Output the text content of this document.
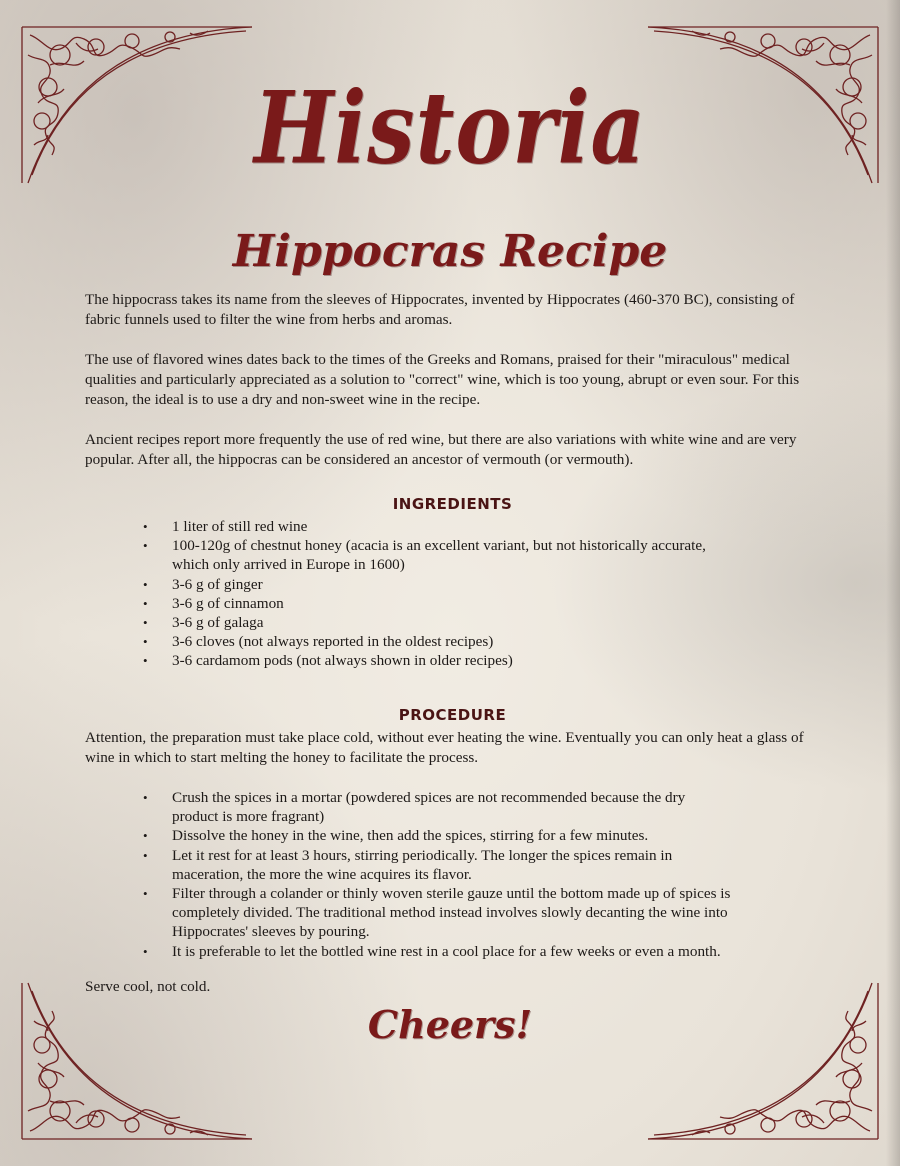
Historia
Hippocras Recipe

The hippocrass takes its name from the sleeves of Hippocrates, invented by Hippocrates (460-370 BC), consisting of fabric funnels used to filter the wine from herbs and aromas.

The use of flavored wines dates back to the times of the Greeks and Romans, praised for their "miraculous" medical qualities and particularly appreciated as a solution to "correct" wine, which is too young, abrupt or even sour. For this reason, the ideal is to use a dry and non-sweet wine in the recipe.

Ancient recipes report more frequently the use of red wine, but there are also variations with white wine and are very popular. After all, the hippocras can be considered an ancestor of vermouth (or vermouth).

INGREDIENTS
• 1 liter of still red wine
• 100-120g of chestnut honey (acacia is an excellent variant, but not historically accurate, which only arrived in Europe in 1600)
• 3-6 g of ginger
• 3-6 g of cinnamon
• 3-6 g of galaga
• 3-6 cloves (not always reported in the oldest recipes)
• 3-6 cardamom pods (not always shown in older recipes)
PROCEDURE

Attention, the preparation must take place cold, without ever heating the wine. Eventually you can only heat a glass of wine in which to start melting the honey to facilitate the process.

• Crush the spices in a mortar (powdered spices are not recommended because the dry product is more fragrant)
• Dissolve the honey in the wine, then add the spices, stirring for a few minutes.
• Let it rest for at least 3 hours, stirring periodically. The longer the spices remain in maceration, the more the wine acquires its flavor.
• Filter through a colander or thinly woven sterile gauze until the bottom made up of spices is completely divided. The traditional method instead involves slowly decanting the wine into Hippocrates' sleeves by pouring.
• It is preferable to let the bottled wine rest in a cool place for a few weeks or even a month.

Serve cool, not cold.

Cheers!
